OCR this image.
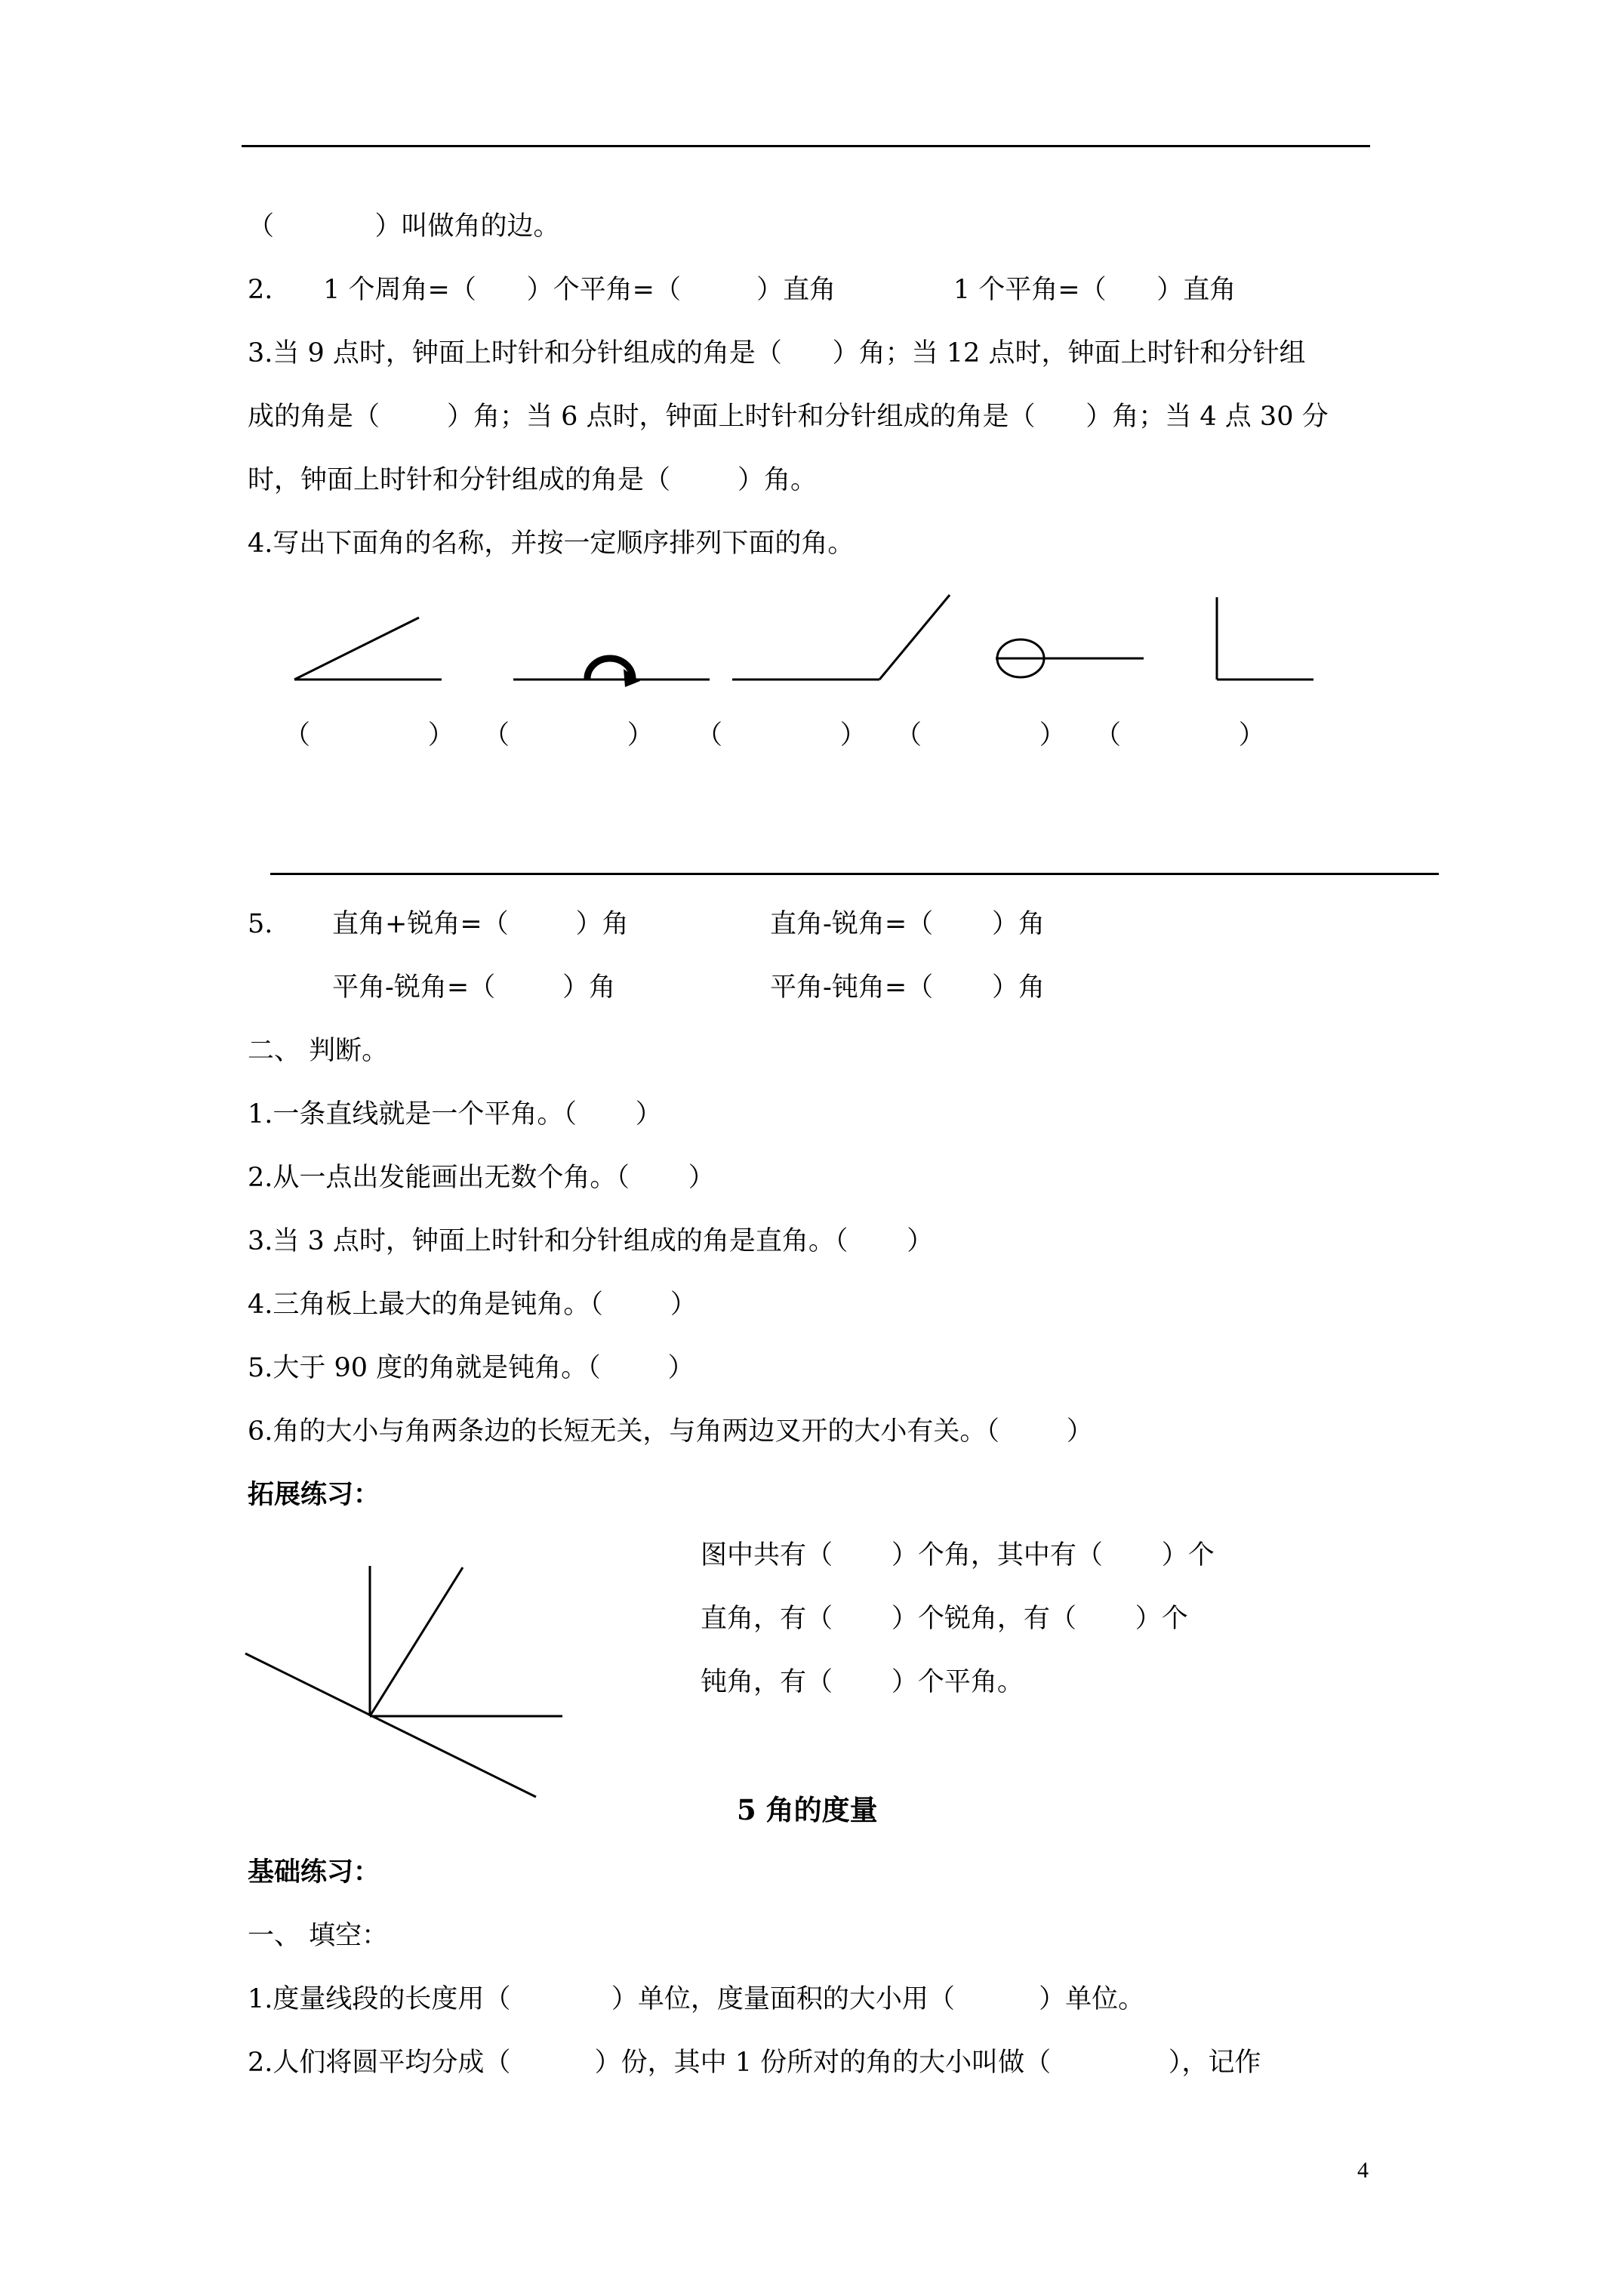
（            ）叫做角的边。
2.      1 个周角=（      ）个平角=（         ）直角              1 个平角=（      ）直角
3.当 9 点时，钟面上时针和分针组成的角是（      ）角；当 12 点时，钟面上时针和分针组
成的角是（        ）角；当 6 点时，钟面上时针和分针组成的角是（      ）角；当 4 点 30 分
时，钟面上时针和分针组成的角是（        ）角。
4.写出下面角的名称，并按一定顺序排列下面的角。
（              ） （              ） （              ） （              ） （              ）
5. 直角+锐角=（        ）角	直角-锐角=（       ）角
平角-锐角=（        ）角	平角-钝角=（       ）角
二、 判断。
1.一条直线就是一个平角。（       ）
2.从一点出发能画出无数个角。（       ）
3.当 3 点时，钟面上时针和分针组成的角是直角。（       ）
4.三角板上最大的角是钝角。（        ）
5.大于 90 度的角就是钝角。（        ）
6.角的大小与角两条边的长短无关，与角两边叉开的大小有关。（        ）
拓展练习：
图中共有（       ）个角，其中有（       ）个
直角，有（       ）个锐角，有（       ）个
钝角，有（       ）个平角。
5 角的度量
基础练习：
一、 填空：
1.度量线段的长度用（            ）单位，度量面积的大小用（          ）单位。
2.人们将圆平均分成（          ）份，其中 1 份所对的角的大小叫做（              ），记作
4
